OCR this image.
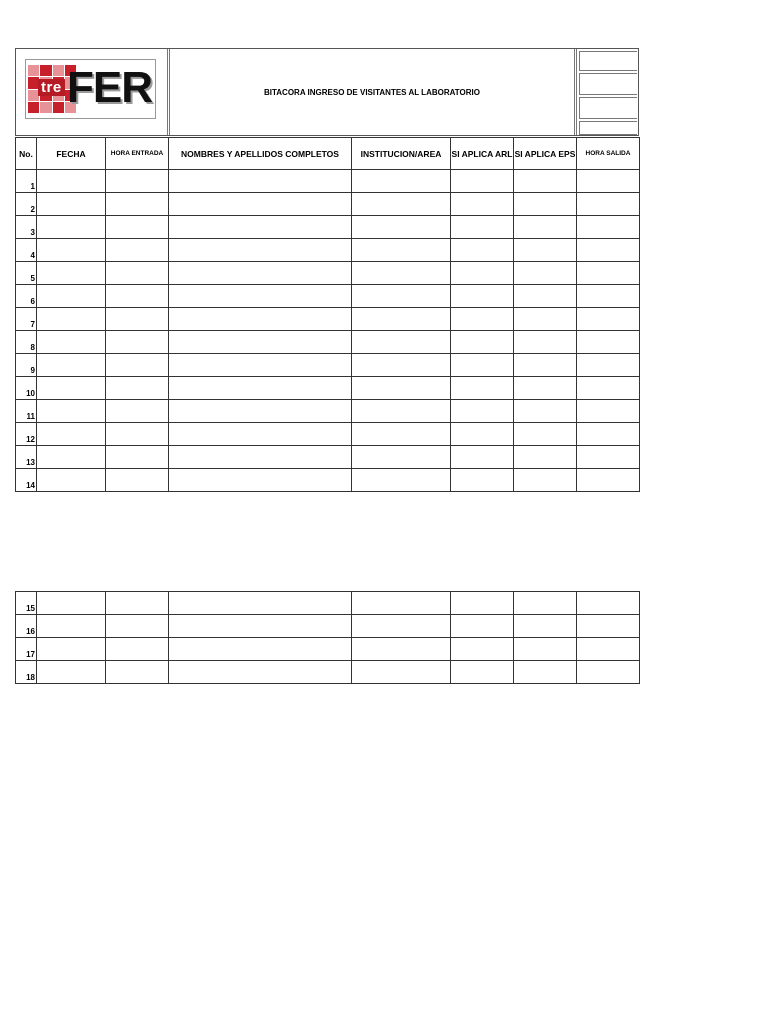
tre FER	BITACORA INGRESO DE VISITANTES AL LABORATORIO
No.	FECHA	HORA ENTRADA	NOMBRES Y APELLIDOS COMPLETOS	INSTITUCION/AREA	SI APLICA ARL	SI APLICA EPS	HORA SALIDA
1							
2							
3							
4							
5							
6							
7							
8							
9							
10							
11							
12							
13							
14							
15							
16							
17							
18							
